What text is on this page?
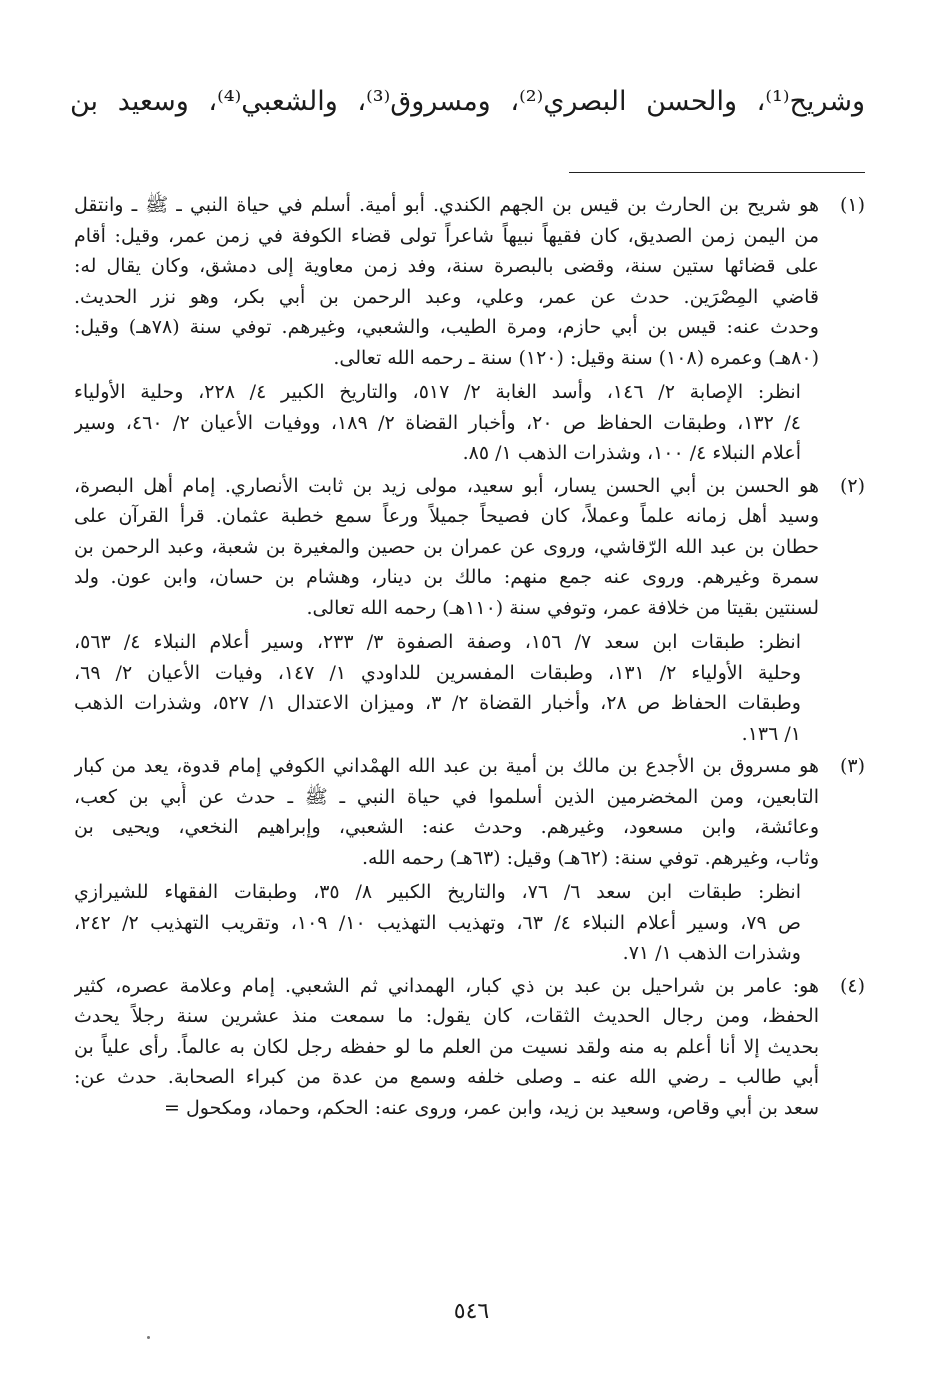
وشريح⁽¹⁾، والحسن البصري⁽²⁾، ومسروق⁽³⁾، والشعبي⁽⁴⁾، وسعيد بن
(١)
هو شريح بن الحارث بن قيس بن الجهم الكندي. أبو أمية. أسلم في حياة النبي ـ ﷺ ـ وانتقل
من اليمن زمن الصديق، كان فقيهاً نبيهاً شاعراً تولى قضاء الكوفة في زمن عمر، وقيل: أقام
على قضائها ستين سنة، وقضى بالبصرة سنة، وفد زمن معاوية إلى دمشق، وكان يقال له:
قاضي المِصْرَين. حدث عن عمر، وعلي، وعبد الرحمن بن أبي بكر، وهو نزر الحديث.
وحدث عنه: قيس بن أبي حازم، ومرة الطيب، والشعبي، وغيرهم. توفي سنة (٧٨هـ) وقيل:
(٨٠هـ) وعمره (١٠٨) سنة وقيل: (١٢٠) سنة ـ رحمه الله تعالى.
انظر: الإصابة ٢/ ١٤٦، وأسد الغابة ٢/ ٥١٧، والتاريخ الكبير ٤/ ٢٢٨، وحلية الأولياء
٤/ ١٣٢، وطبقات الحفاظ ص ٢٠، وأخبار القضاة ٢/ ١٨٩، ووفيات الأعيان ٢/ ٤٦٠، وسير
أعلام النبلاء ٤/ ١٠٠، وشذرات الذهب ١/ ٨٥.
(٢)
هو الحسن بن أبي الحسن يسار، أبو سعيد، مولى زيد بن ثابت الأنصاري. إمام أهل البصرة،
وسيد أهل زمانه علماً وعملاً، كان فصيحاً جميلاً ورعاً سمع خطبة عثمان. قرأ القرآن على
حطان بن عبد الله الرّقاشي، وروى عن عمران بن حصين والمغيرة بن شعبة، وعبد الرحمن بن
سمرة وغيرهم. وروى عنه جمع منهم: مالك بن دينار، وهشام بن حسان، وابن عون. ولد
لسنتين بقيتا من خلافة عمر، وتوفي سنة (١١٠هـ) رحمه الله تعالى.
انظر: طبقات ابن سعد ٧/ ١٥٦، وصفة الصفوة ٣/ ٢٣٣، وسير أعلام النبلاء ٤/ ٥٦٣،
وحلية الأولياء ٢/ ١٣١، وطبقات المفسرين للداودي ١/ ١٤٧، وفيات الأعيان ٢/ ٦٩،
وطبقات الحفاظ ص ٢٨، وأخبار القضاة ٢/ ٣، وميزان الاعتدال ١/ ٥٢٧، وشذرات الذهب
١/ ١٣٦.
(٣)
هو مسروق بن الأجدع بن مالك بن أمية بن عبد الله الهمْداني الكوفي إمام قدوة، يعد من كبار
التابعين، ومن المخضرمين الذين أسلموا في حياة النبي ـ ﷺ ـ حدث عن أُبي بن كعب،
وعائشة، وابن مسعود، وغيرهم. وحدث عنه: الشعبي، وإبراهيم النخعي، ويحيى بن
وثاب، وغيرهم. توفي سنة: (٦٢هـ) وقيل: (٦٣هـ) رحمه الله.
انظر: طبقات ابن سعد ٦/ ٧٦، والتاريخ الكبير ٨/ ٣٥، وطبقات الفقهاء للشيرازي
ص ٧٩، وسير أعلام النبلاء ٤/ ٦٣، وتهذيب التهذيب ١٠/ ١٠٩، وتقريب التهذيب ٢/ ٢٤٢،
وشذرات الذهب ١/ ٧١.
(٤)
هو: عامر بن شراحيل بن عبد بن ذي كبار، الهمداني ثم الشعبي. إمام وعلامة عصره، كثير
الحفظ، ومن رجال الحديث الثقات، كان يقول: ما سمعت منذ عشرين سنة رجلاً يحدث
بحديث إلا أنا أعلم به منه ولقد نسيت من العلم ما لو حفظه رجل لكان به عالماً. رأى علياً بن
أبي طالب ـ رضي الله عنه ـ وصلى خلفه وسمع من عدة من كبراء الصحابة. حدث عن:
سعد بن أبي وقاص، وسعيد بن زيد، وابن عمر، وروى عنه: الحكم، وحماد، ومكحول =
٥٤٦
